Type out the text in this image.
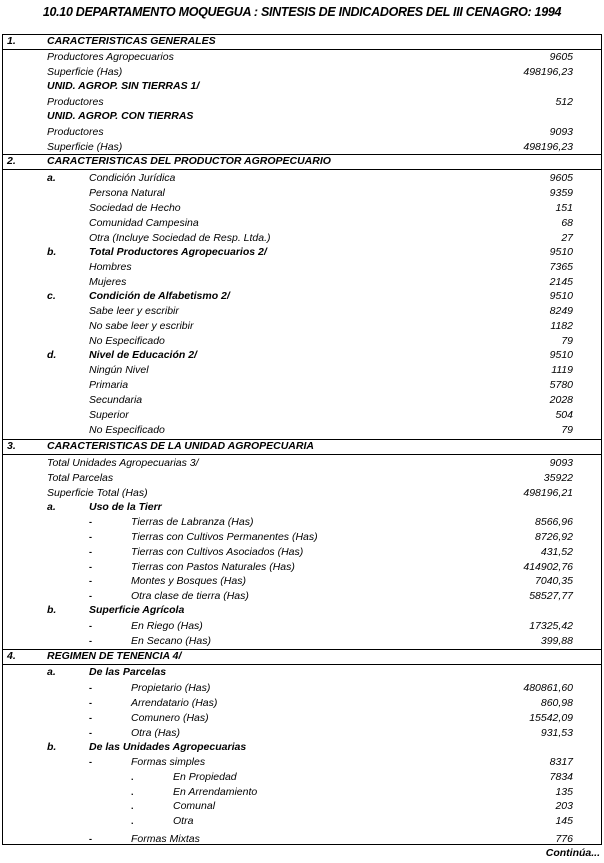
10.10 DEPARTAMENTO MOQUEGUA : SINTESIS DE INDICADORES DEL III CENAGRO: 1994
1.	CARACTERISTICAS GENERALES
Productores Agropecuarios	9605
Superficie (Has)	498196,23
UNID. AGROP. SIN TIERRAS 1/
Productores	512
UNID. AGROP. CON TIERRAS
Productores	9093
Superficie (Has)	498196,23
2.	CARACTERISTICAS DEL PRODUCTOR AGROPECUARIO
a.	Condición Jurídica	9605
Persona Natural	9359
Sociedad de Hecho	151
Comunidad Campesina	68
Otra (Incluye Sociedad de Resp. Ltda.)	27
b.	Total Productores Agropecuarios 2/	9510
Hombres	7365
Mujeres	2145
c.	Condición de Alfabetismo 2/	9510
Sabe leer y escribir	8249
No sabe leer y escribir	1182
No Especificado	79
d.	Nivel de Educación 2/	9510
Ningún Nivel	1119
Primaria	5780
Secundaria	2028
Superior	504
No Especificado	79
3.	CARACTERISTICAS DE LA UNIDAD AGROPECUARIA
Total Unidades Agropecuarias 3/	9093
Total Parcelas	35922
Superficie Total (Has)	498196,21
a.	Uso de la Tierr
-	Tierras de Labranza (Has)	8566,96
-	Tierras con Cultivos Permanentes (Has)	8726,92
-	Tierras con Cultivos Asociados (Has)	431,52
-	Tierras con Pastos Naturales (Has)	414902,76
-	Montes y Bosques (Has)	7040,35
-	Otra clase de tierra (Has)	58527,77
b.	Superficie Agrícola
-	En Riego (Has)	17325,42
-	En Secano (Has)	399,88
4.	REGIMEN DE TENENCIA 4/
a.	De las Parcelas
-	Propietario (Has)	480861,60
-	Arrendatario (Has)	860,98
-	Comunero (Has)	15542,09
-	Otra (Has)	931,53
b.	De las Unidades Agropecuarias
-	Formas simples	8317
.	En Propiedad	7834
.	En Arrendamiento	135
.	Comunal	203
.	Otra	145
-	Formas Mixtas	776
Continúa...
